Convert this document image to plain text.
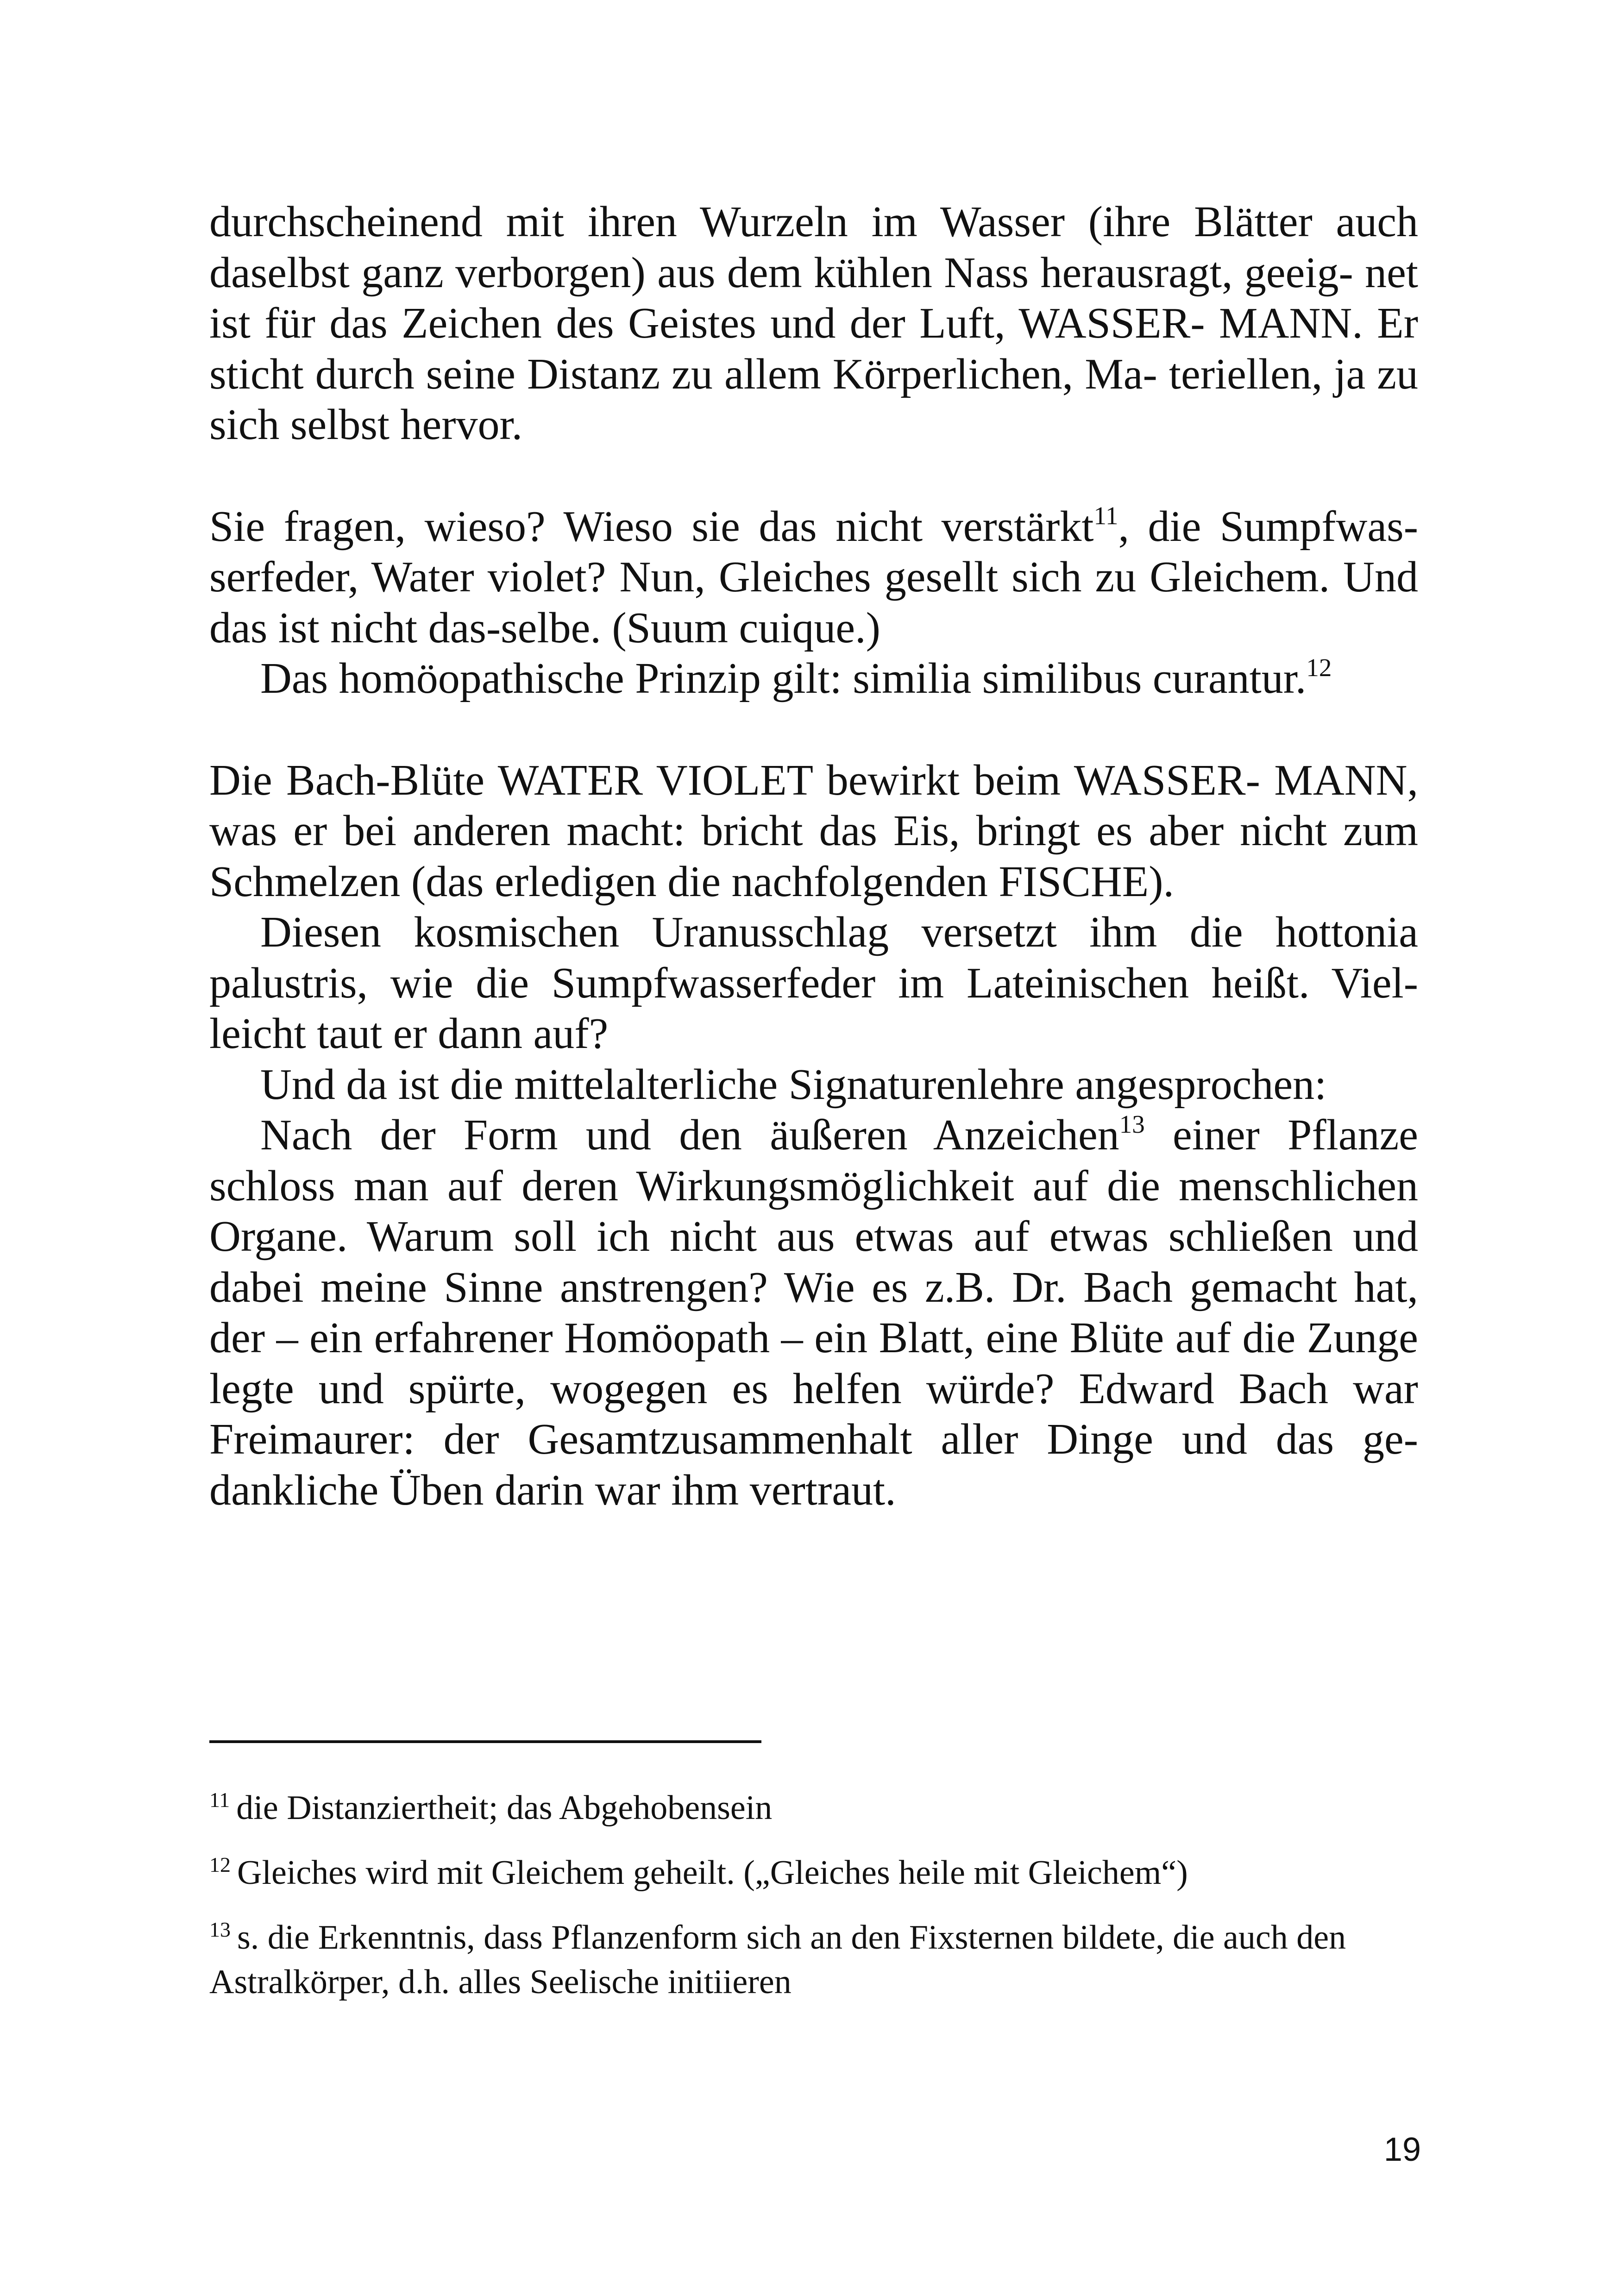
durchscheinend mit ihren Wurzeln im Wasser (ihre Blätter auch daselbst ganz verborgen) aus dem kühlen Nass herausragt, geeig- net ist für das Zeichen des Geistes und der Luft, WASSER- MANN. Er sticht durch seine Distanz zu allem Körperlichen, Ma- teriellen, ja zu sich selbst hervor.

Sie fragen, wieso? Wieso sie das nicht verstärkt$^{11}$, die Sumpfwas- serfeder, Water violet? Nun, Gleiches gesellt sich zu Gleichem. Und das ist nicht das-selbe. (Suum cuique.)

Das homöopathische Prinzip gilt: similia similibus curantur.$^{12}$

Die Bach-Blüte WATER VIOLET bewirkt beim WASSER- MANN, was er bei anderen macht: bricht das Eis, bringt es aber nicht zum Schmelzen (das erledigen die nachfolgenden FISCHE).

Diesen kosmischen Uranusschlag versetzt ihm die hottonia palustris, wie die Sumpfwasserfeder im Lateinischen heißt. Viel- leicht taut er dann auf?

Und da ist die mittelalterliche Signaturenlehre angesprochen:

Nach der Form und den äußeren Anzeichen$^{13}$ einer Pflanze schloss man auf deren Wirkungsmöglichkeit auf die menschlichen Organe. Warum soll ich nicht aus etwas auf etwas schließen und dabei meine Sinne anstrengen? Wie es z.B. Dr. Bach gemacht hat, der – ein erfahrener Homöopath – ein Blatt, eine Blüte auf die Zunge legte und spürte, wogegen es helfen würde? Edward Bach war Freimaurer: der Gesamtzusammenhalt aller Dinge und das ge- dankliche Üben darin war ihm vertraut.

$^{11}$ die Distanziertheit; das Abgehobensein

$^{12}$ Gleiches wird mit Gleichem geheilt. („Gleiches heile mit Gleichem“)

$^{13}$ s. die Erkenntnis, dass Pflanzenform sich an den Fixsternen bildete, die auch den Astralkörper, d.h. alles Seelische initiieren

19
